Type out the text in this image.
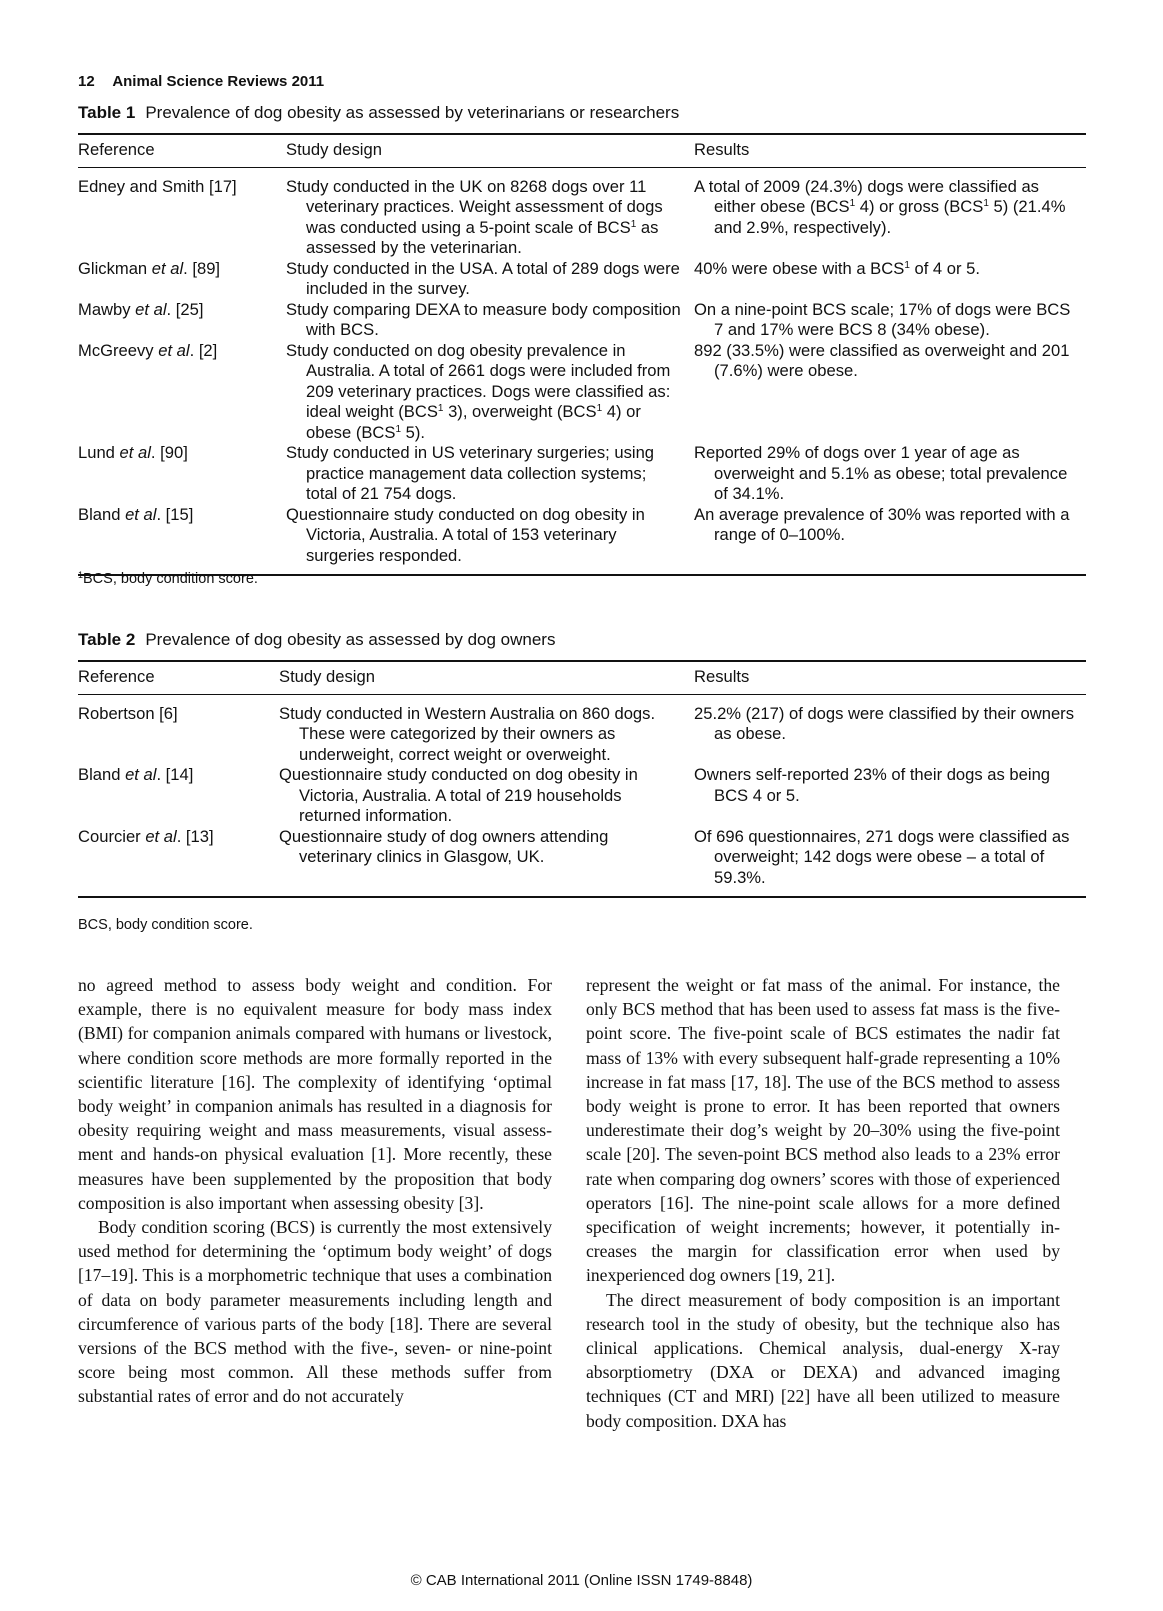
12 Animal Science Reviews 2011
Table 1 Prevalence of dog obesity as assessed by veterinarians or researchers
Reference	Study design	Results
Edney and Smith [17]	Study conducted in the UK on 8268 dogs over 11 veterinary practices. Weight assessment of dogs was conducted using a 5-point scale of BCS$^1$ as assessed by the veterinarian.	A total of 2009 (24.3%) dogs were classified as either obese (BCS$^1$ 4) or gross (BCS$^1$ 5) (21.4% and 2.9%, respectively).
Glickman et al. [89]	Study conducted in the USA. A total of 289 dogs were included in the survey.	40% were obese with a BCS$^1$ of 4 or 5.
Mawby et al. [25]	Study comparing DEXA to measure body composition with BCS.	On a nine-point BCS scale; 17% of dogs were BCS 7 and 17% were BCS 8 (34% obese).
McGreevy et al. [2]	Study conducted on dog obesity prevalence in Australia. A total of 2661 dogs were included from 209 veterinary practices. Dogs were classified as: ideal weight (BCS$^1$ 3), overweight (BCS$^1$ 4) or obese (BCS$^1$ 5).	892 (33.5%) were classified as overweight and 201 (7.6%) were obese.
Lund et al. [90]	Study conducted in US veterinary surgeries; using practice management data collection systems; total of 21 754 dogs.	Reported 29% of dogs over 1 year of age as overweight and 5.1% as obese; total prevalence of 34.1%.
Bland et al. [15]	Questionnaire study conducted on dog obesity in Victoria, Australia. A total of 153 veterinary surgeries responded.	An average prevalence of 30% was reported with a range of 0–100%.
$^1$BCS, body condition score.
Table 2 Prevalence of dog obesity as assessed by dog owners
Reference	Study design	Results
Robertson [6]	Study conducted in Western Australia on 860 dogs. These were categorized by their owners as underweight, correct weight or overweight.	25.2% (217) of dogs were classified by their owners as obese.
Bland et al. [14]	Questionnaire study conducted on dog obesity in Victoria, Australia. A total of 219 households returned information.	Owners self-reported 23% of their dogs as being BCS 4 or 5.
Courcier et al. [13]	Questionnaire study of dog owners attending veterinary clinics in Glasgow, UK.	Of 696 questionnaires, 271 dogs were classified as overweight; 142 dogs were obese – a total of 59.3%.
BCS, body condition score.

no agreed method to assess body weight and condition. For example, there is no equivalent measure for body mass index (BMI) for companion animals compared with humans or livestock, where condition score methods are more formally reported in the scientific literature [16]. The complexity of identifying ‘optimal body weight’ in companion animals has resulted in a diagnosis for obesity requiring weight and mass measurements, visual assessment and hands-on physical evaluation [1]. More recently, these measures have been supplemented by the proposition that body composition is also important when assessing obesity [3].

Body condition scoring (BCS) is currently the most extensively used method for determining the ‘optimum body weight’ of dogs [17–19]. This is a morphometric technique that uses a combination of data on body parameter measurements including length and circumference of various parts of the body [18]. There are several versions of the BCS method with the five-, seven- or nine-point score being most common. All these methods suffer from substantial rates of error and do not accurately

represent the weight or fat mass of the animal. For instance, the only BCS method that has been used to assess fat mass is the five-point score. The five-point scale of BCS estimates the nadir fat mass of 13% with every subsequent half-grade representing a 10% increase in fat mass [17, 18]. The use of the BCS method to assess body weight is prone to error. It has been reported that owners underestimate their dog’s weight by 20–30% using the five-point scale [20]. The seven-point BCS method also leads to a 23% error rate when comparing dog owners’ scores with those of experienced operators [16]. The nine-point scale allows for a more defined specification of weight increments; however, it potentially increases the margin for classification error when used by inexperienced dog owners [19, 21].

The direct measurement of body composition is an important research tool in the study of obesity, but the technique also has clinical applications. Chemical analysis, dual-energy X-ray absorptiometry (DXA or DEXA) and advanced imaging techniques (CT and MRI) [22] have all been utilized to measure body composition. DXA has

© CAB International 2011 (Online ISSN 1749-8848)
